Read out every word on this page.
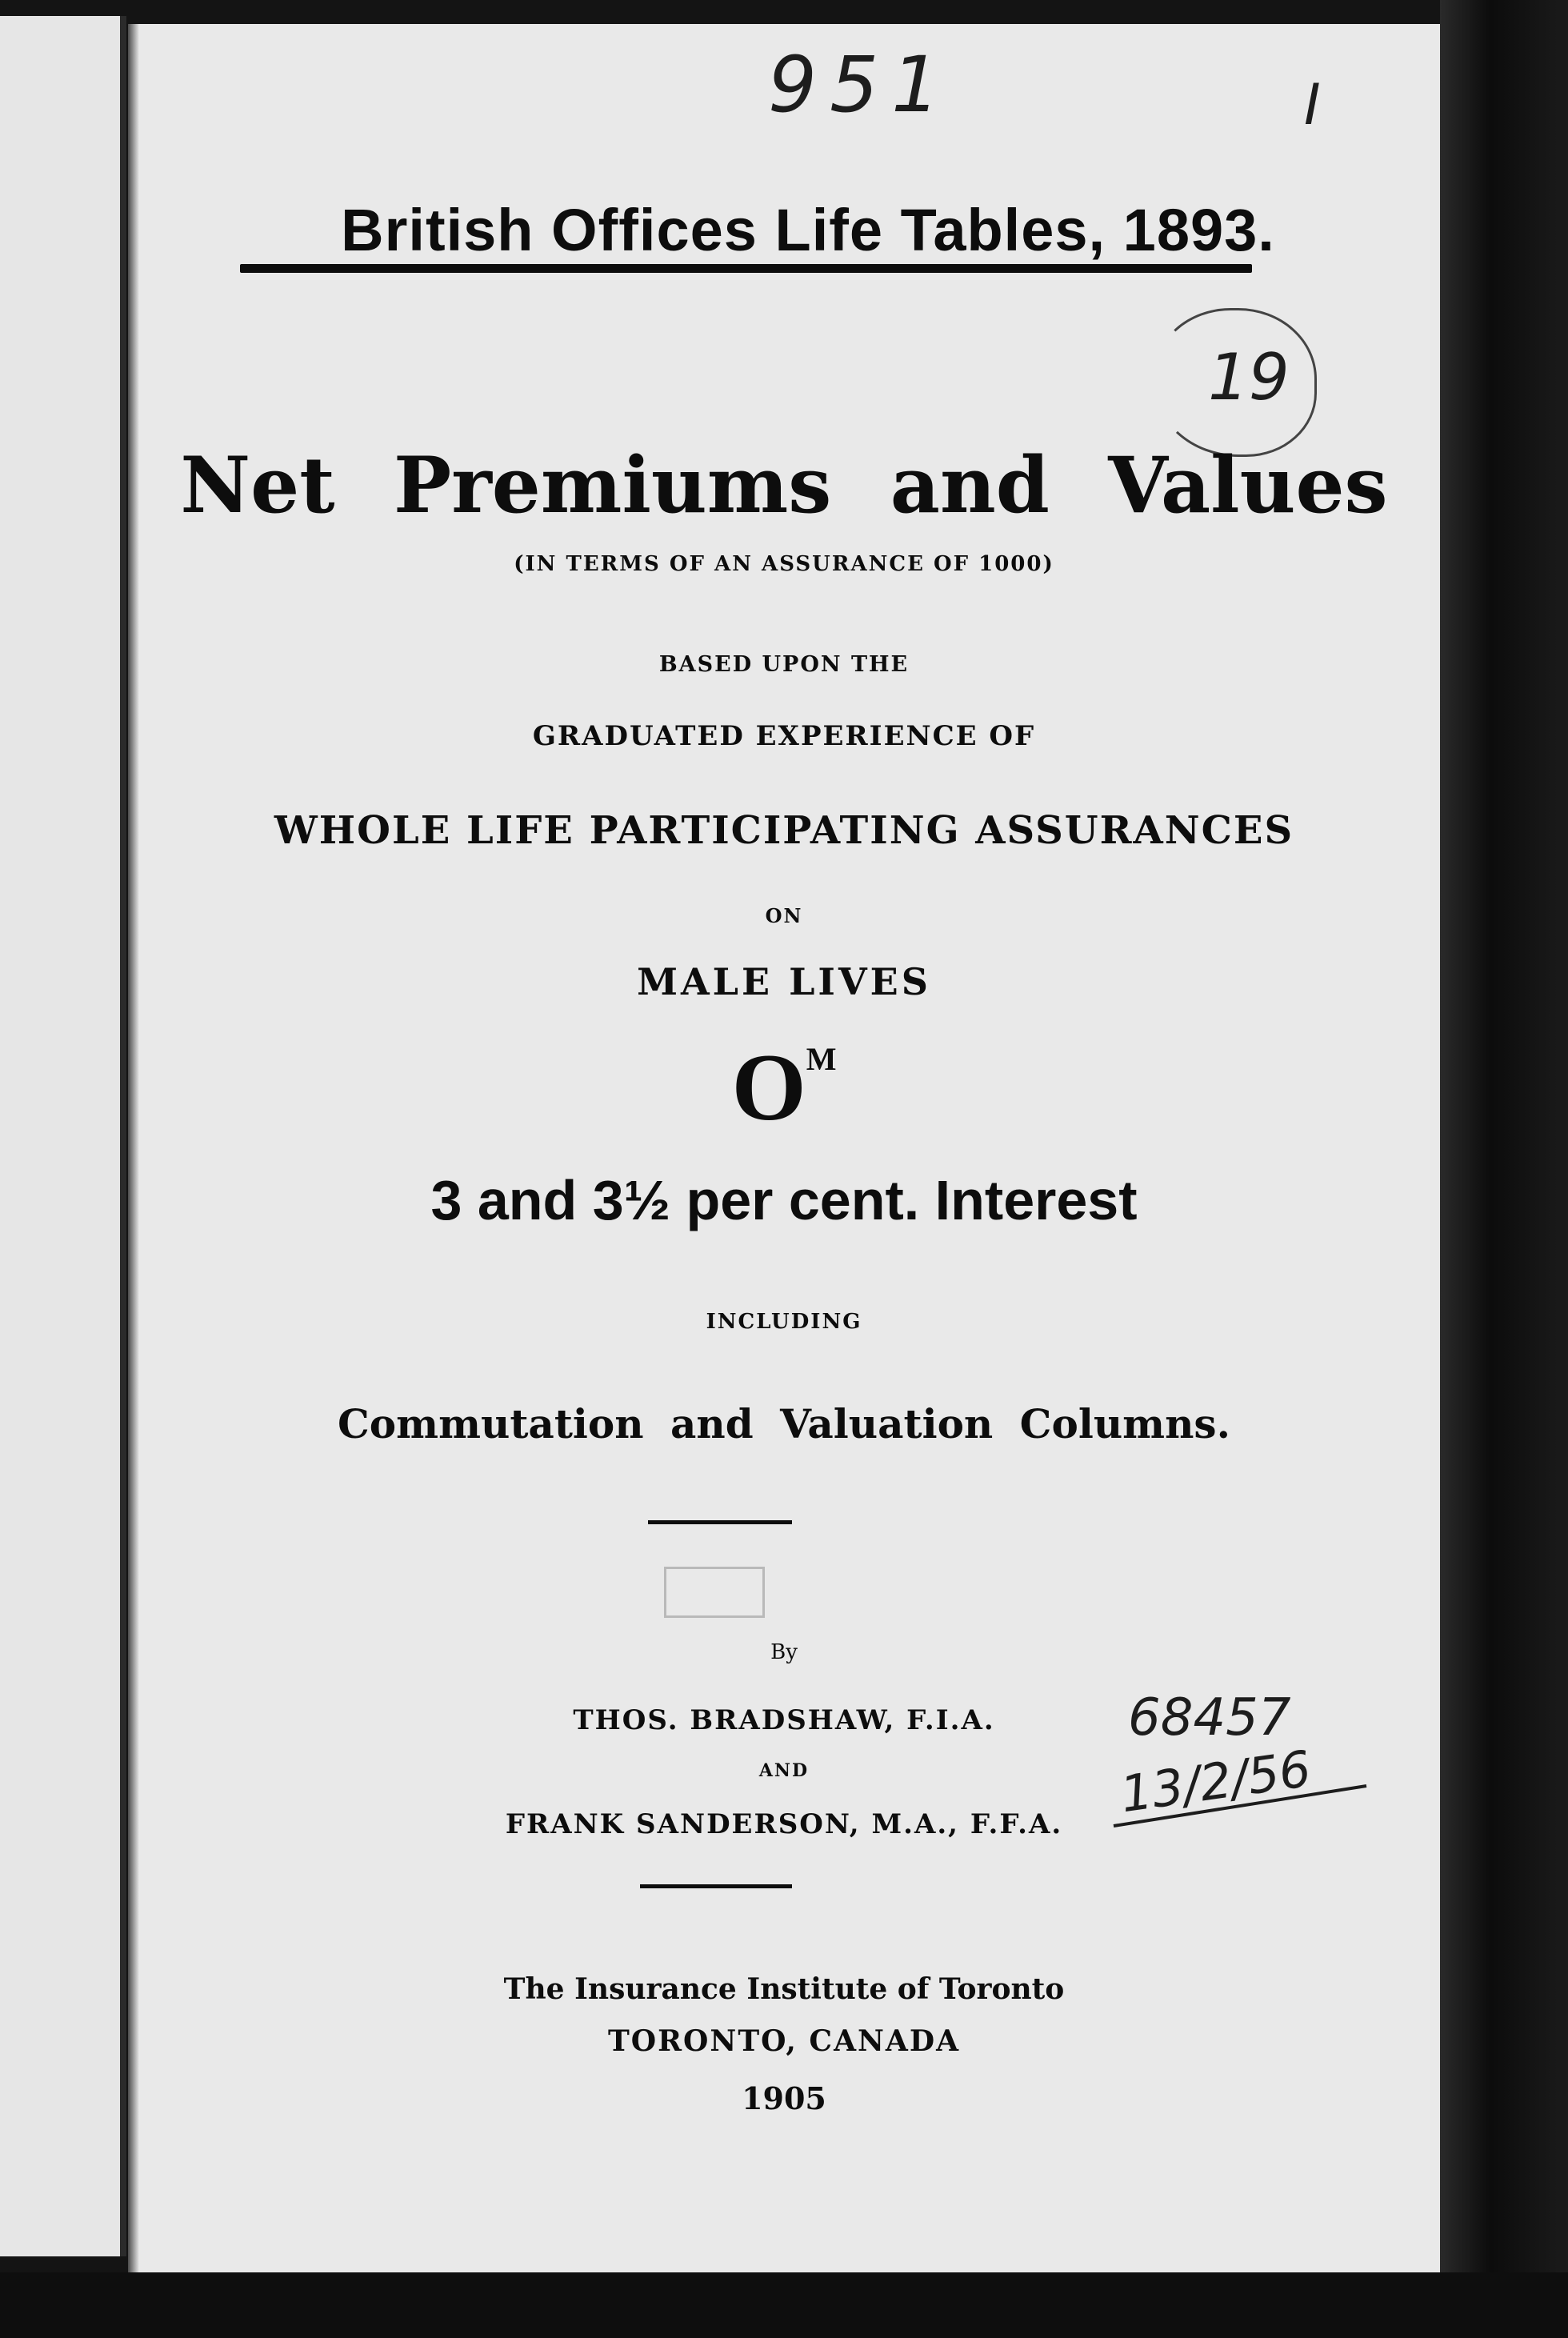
951	I
British Offices Life Tables, 1893.
19
Net Premiums and Values
(IN TERMS OF AN ASSURANCE OF 1000)
BASED UPON THE
GRADUATED EXPERIENCE OF
WHOLE LIFE PARTICIPATING ASSURANCES
ON
MALE LIVES
$O^M$
3 and 3½ per cent. Interest
INCLUDING
Commutation and Valuation Columns.
By
THOS. BRADSHAW, F.I.A.
AND
FRANK SANDERSON, M.A., F.F.A.
68457
13/2/56
The Insurance Institute of Toronto
TORONTO, CANADA
1905
